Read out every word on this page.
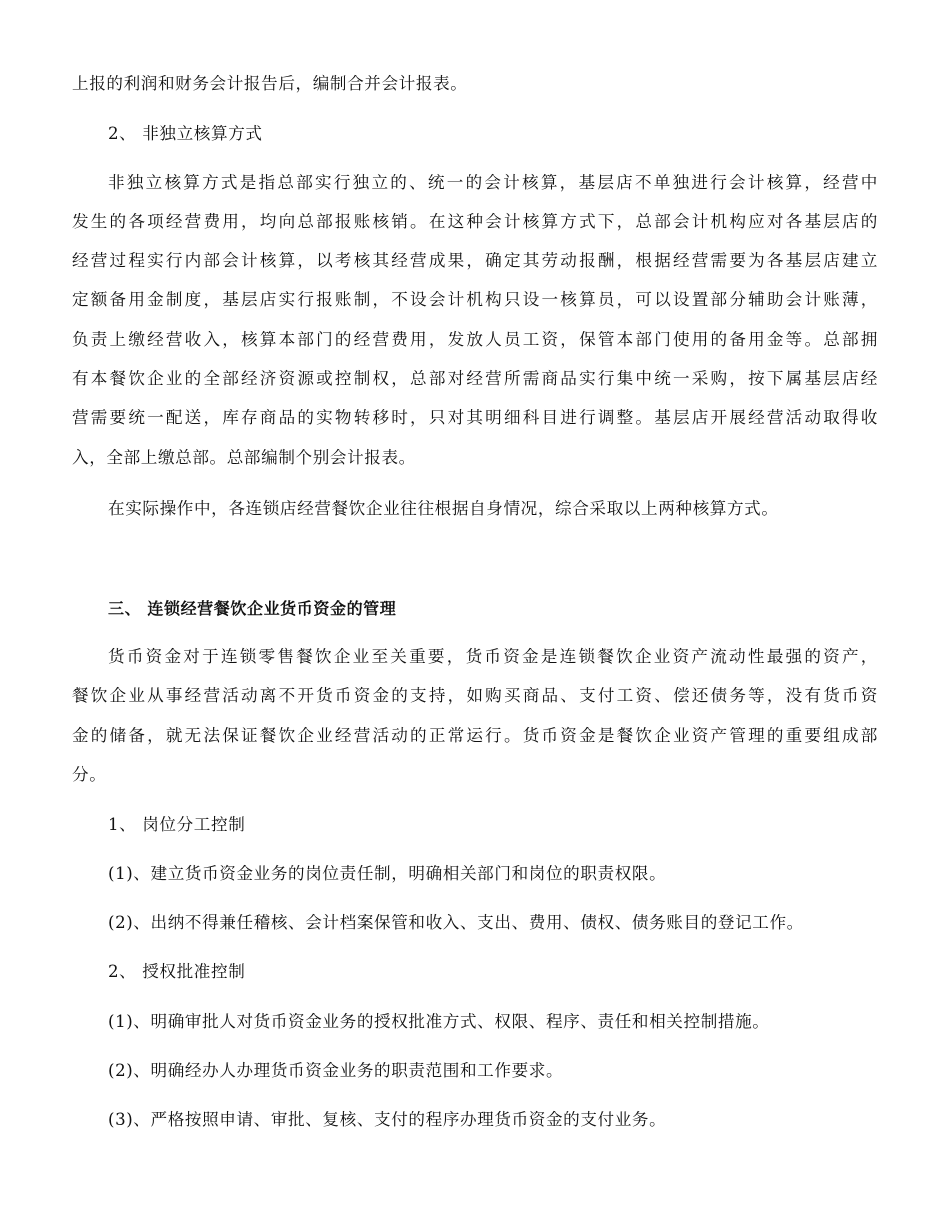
上报的利润和财务会计报告后，编制合并会计报表。
2、 非独立核算方式
非独立核算方式是指总部实行独立的、统一的会计核算，基层店不单独进行会计核算，经营中
发生的各项经营费用，均向总部报账核销。在这种会计核算方式下，总部会计机构应对各基层店的
经营过程实行内部会计核算，以考核其经营成果，确定其劳动报酬，根据经营需要为各基层店建立
定额备用金制度，基层店实行报账制，不设会计机构只设一核算员，可以设置部分辅助会计账薄，
负责上缴经营收入，核算本部门的经营费用，发放人员工资，保管本部门使用的备用金等。总部拥
有本餐饮企业的全部经济资源或控制权，总部对经营所需商品实行集中统一采购，按下属基层店经
营需要统一配送，库存商品的实物转移时，只对其明细科目进行调整。基层店开展经营活动取得收
入，全部上缴总部。总部编制个别会计报表。
在实际操作中，各连锁店经营餐饮企业往往根据自身情况，综合采取以上两种核算方式。
三、 连锁经营餐饮企业货币资金的管理
货币资金对于连锁零售餐饮企业至关重要，货币资金是连锁餐饮企业资产流动性最强的资产，
餐饮企业从事经营活动离不开货币资金的支持，如购买商品、支付工资、偿还债务等，没有货币资
金的储备，就无法保证餐饮企业经营活动的正常运行。货币资金是餐饮企业资产管理的重要组成部
分。
1、 岗位分工控制
(1)、建立货币资金业务的岗位责任制，明确相关部门和岗位的职责权限。
(2)、出纳不得兼任稽核、会计档案保管和收入、支出、费用、债权、债务账目的登记工作。
2、 授权批准控制
(1)、明确审批人对货币资金业务的授权批准方式、权限、程序、责任和相关控制措施。
(2)、明确经办人办理货币资金业务的职责范围和工作要求。
(3)、严格按照申请、审批、复核、支付的程序办理货币资金的支付业务。
